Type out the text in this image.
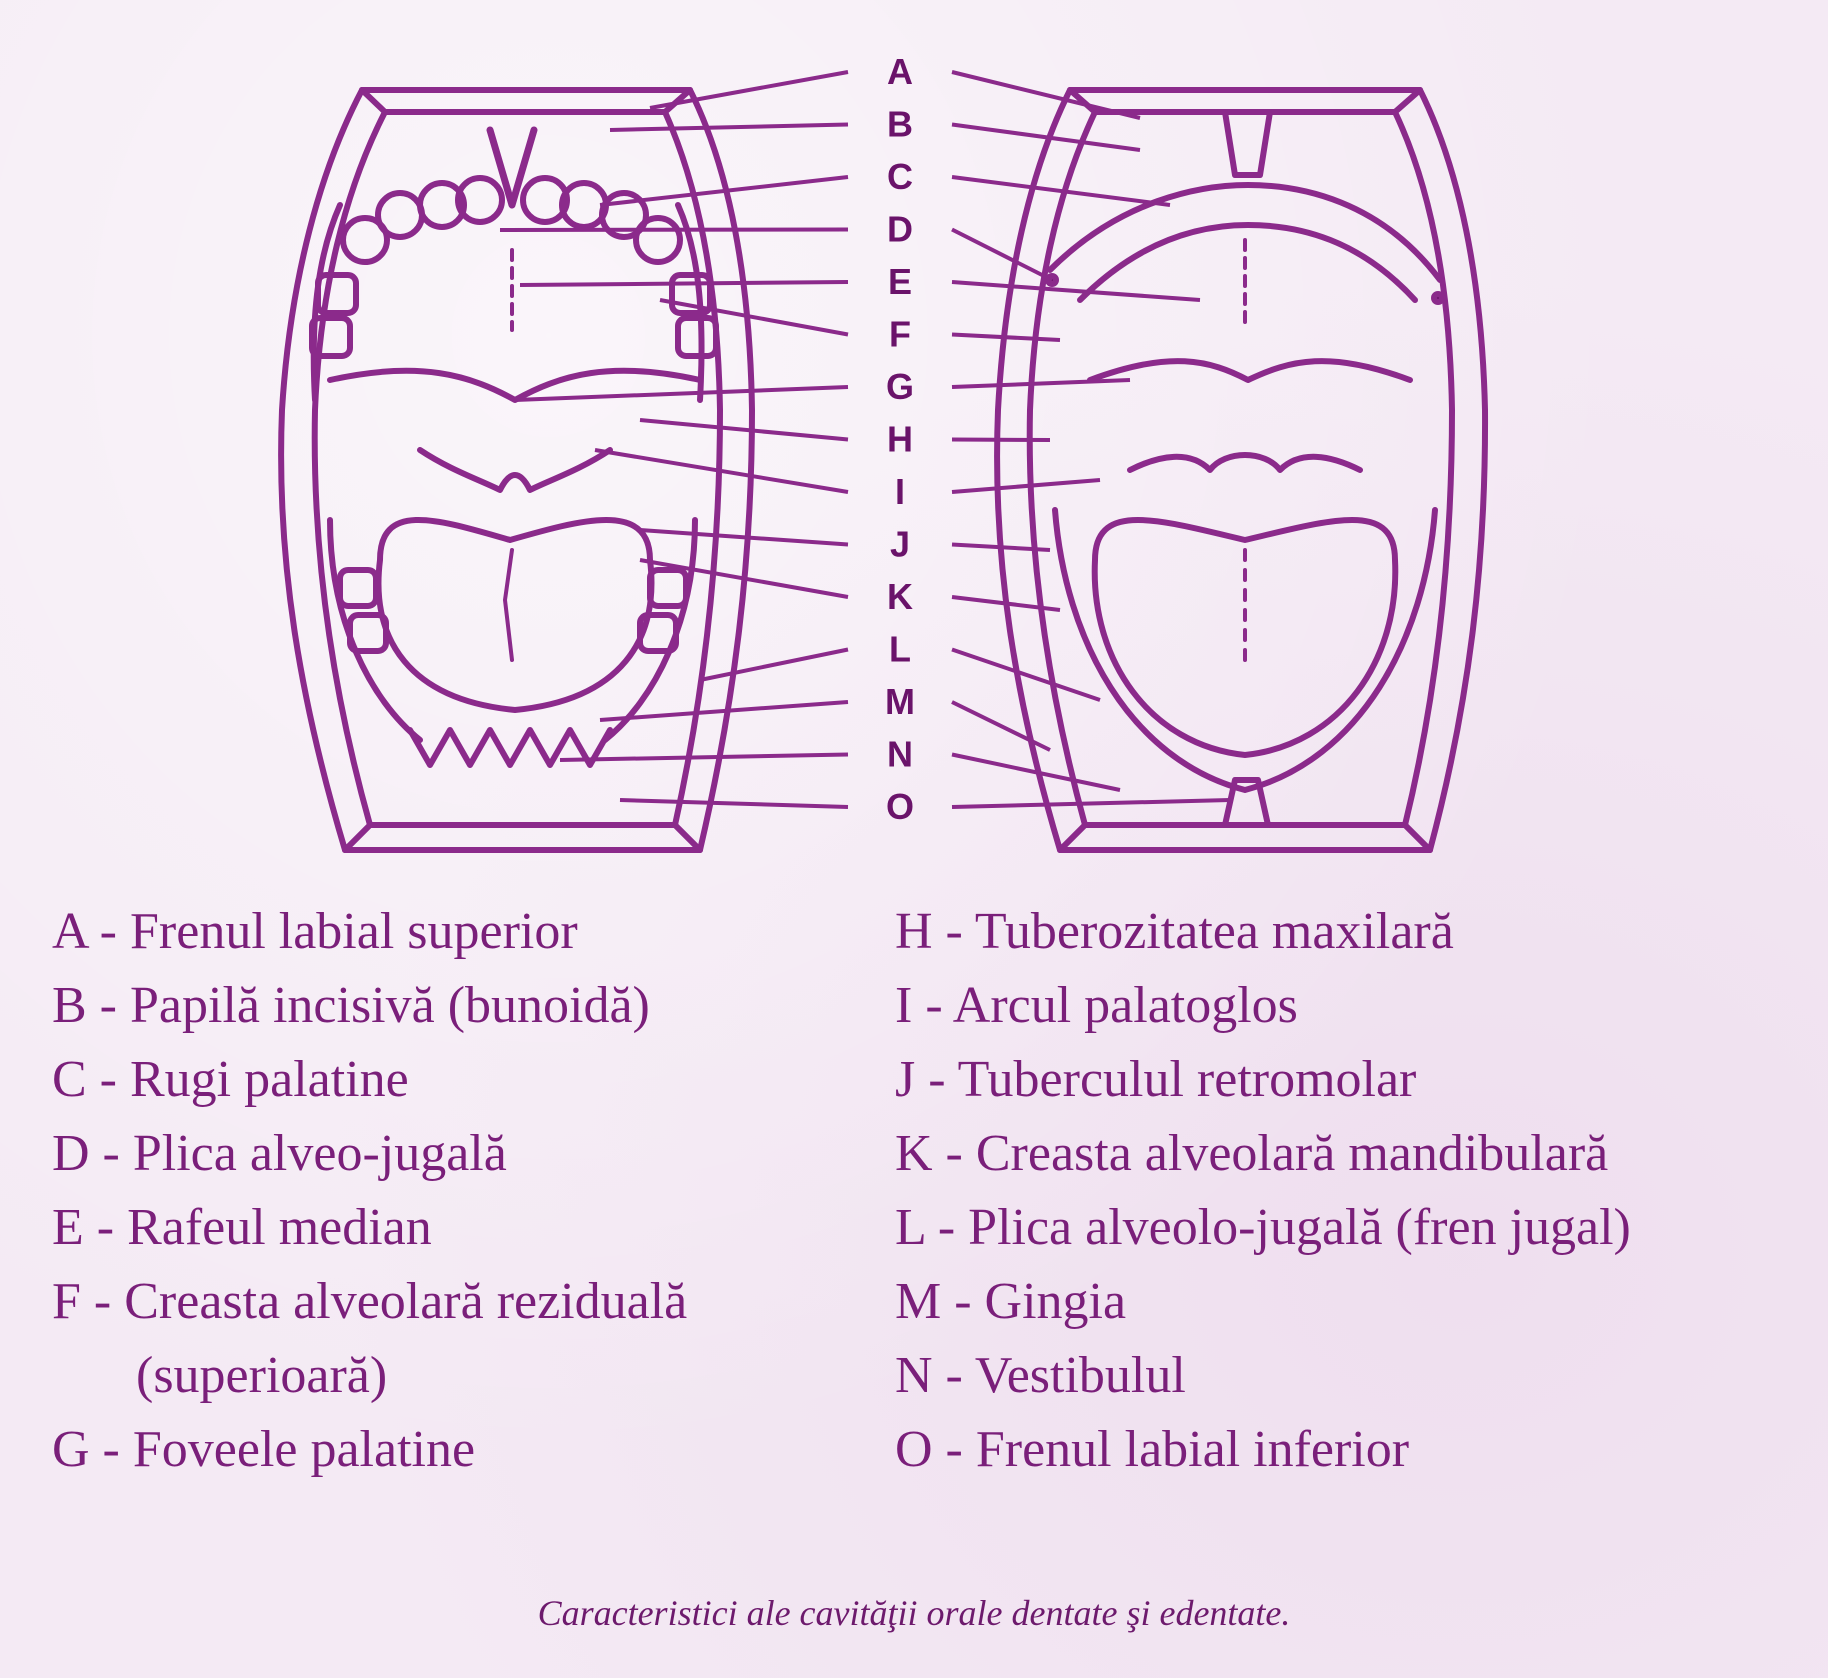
A
B
C
D
E
F
G
H
I
J
K
L
M
N
O
A - Frenul labial superior
B - Papilă incisivă (bunoidă)
C - Rugi palatine
D - Plica alveo-jugală
E - Rafeul median
F - Creasta alveolară reziduală
(superioară)
G - Foveele palatine
H - Tuberozitatea maxilară
I - Arcul palatoglos
J - Tuberculul retromolar
K - Creasta alveolară mandibulară
L - Plica alveolo-jugală (fren jugal)
M - Gingia
N - Vestibulul
O - Frenul labial inferior
Caracteristici ale cavităţii orale dentate şi edentate.
